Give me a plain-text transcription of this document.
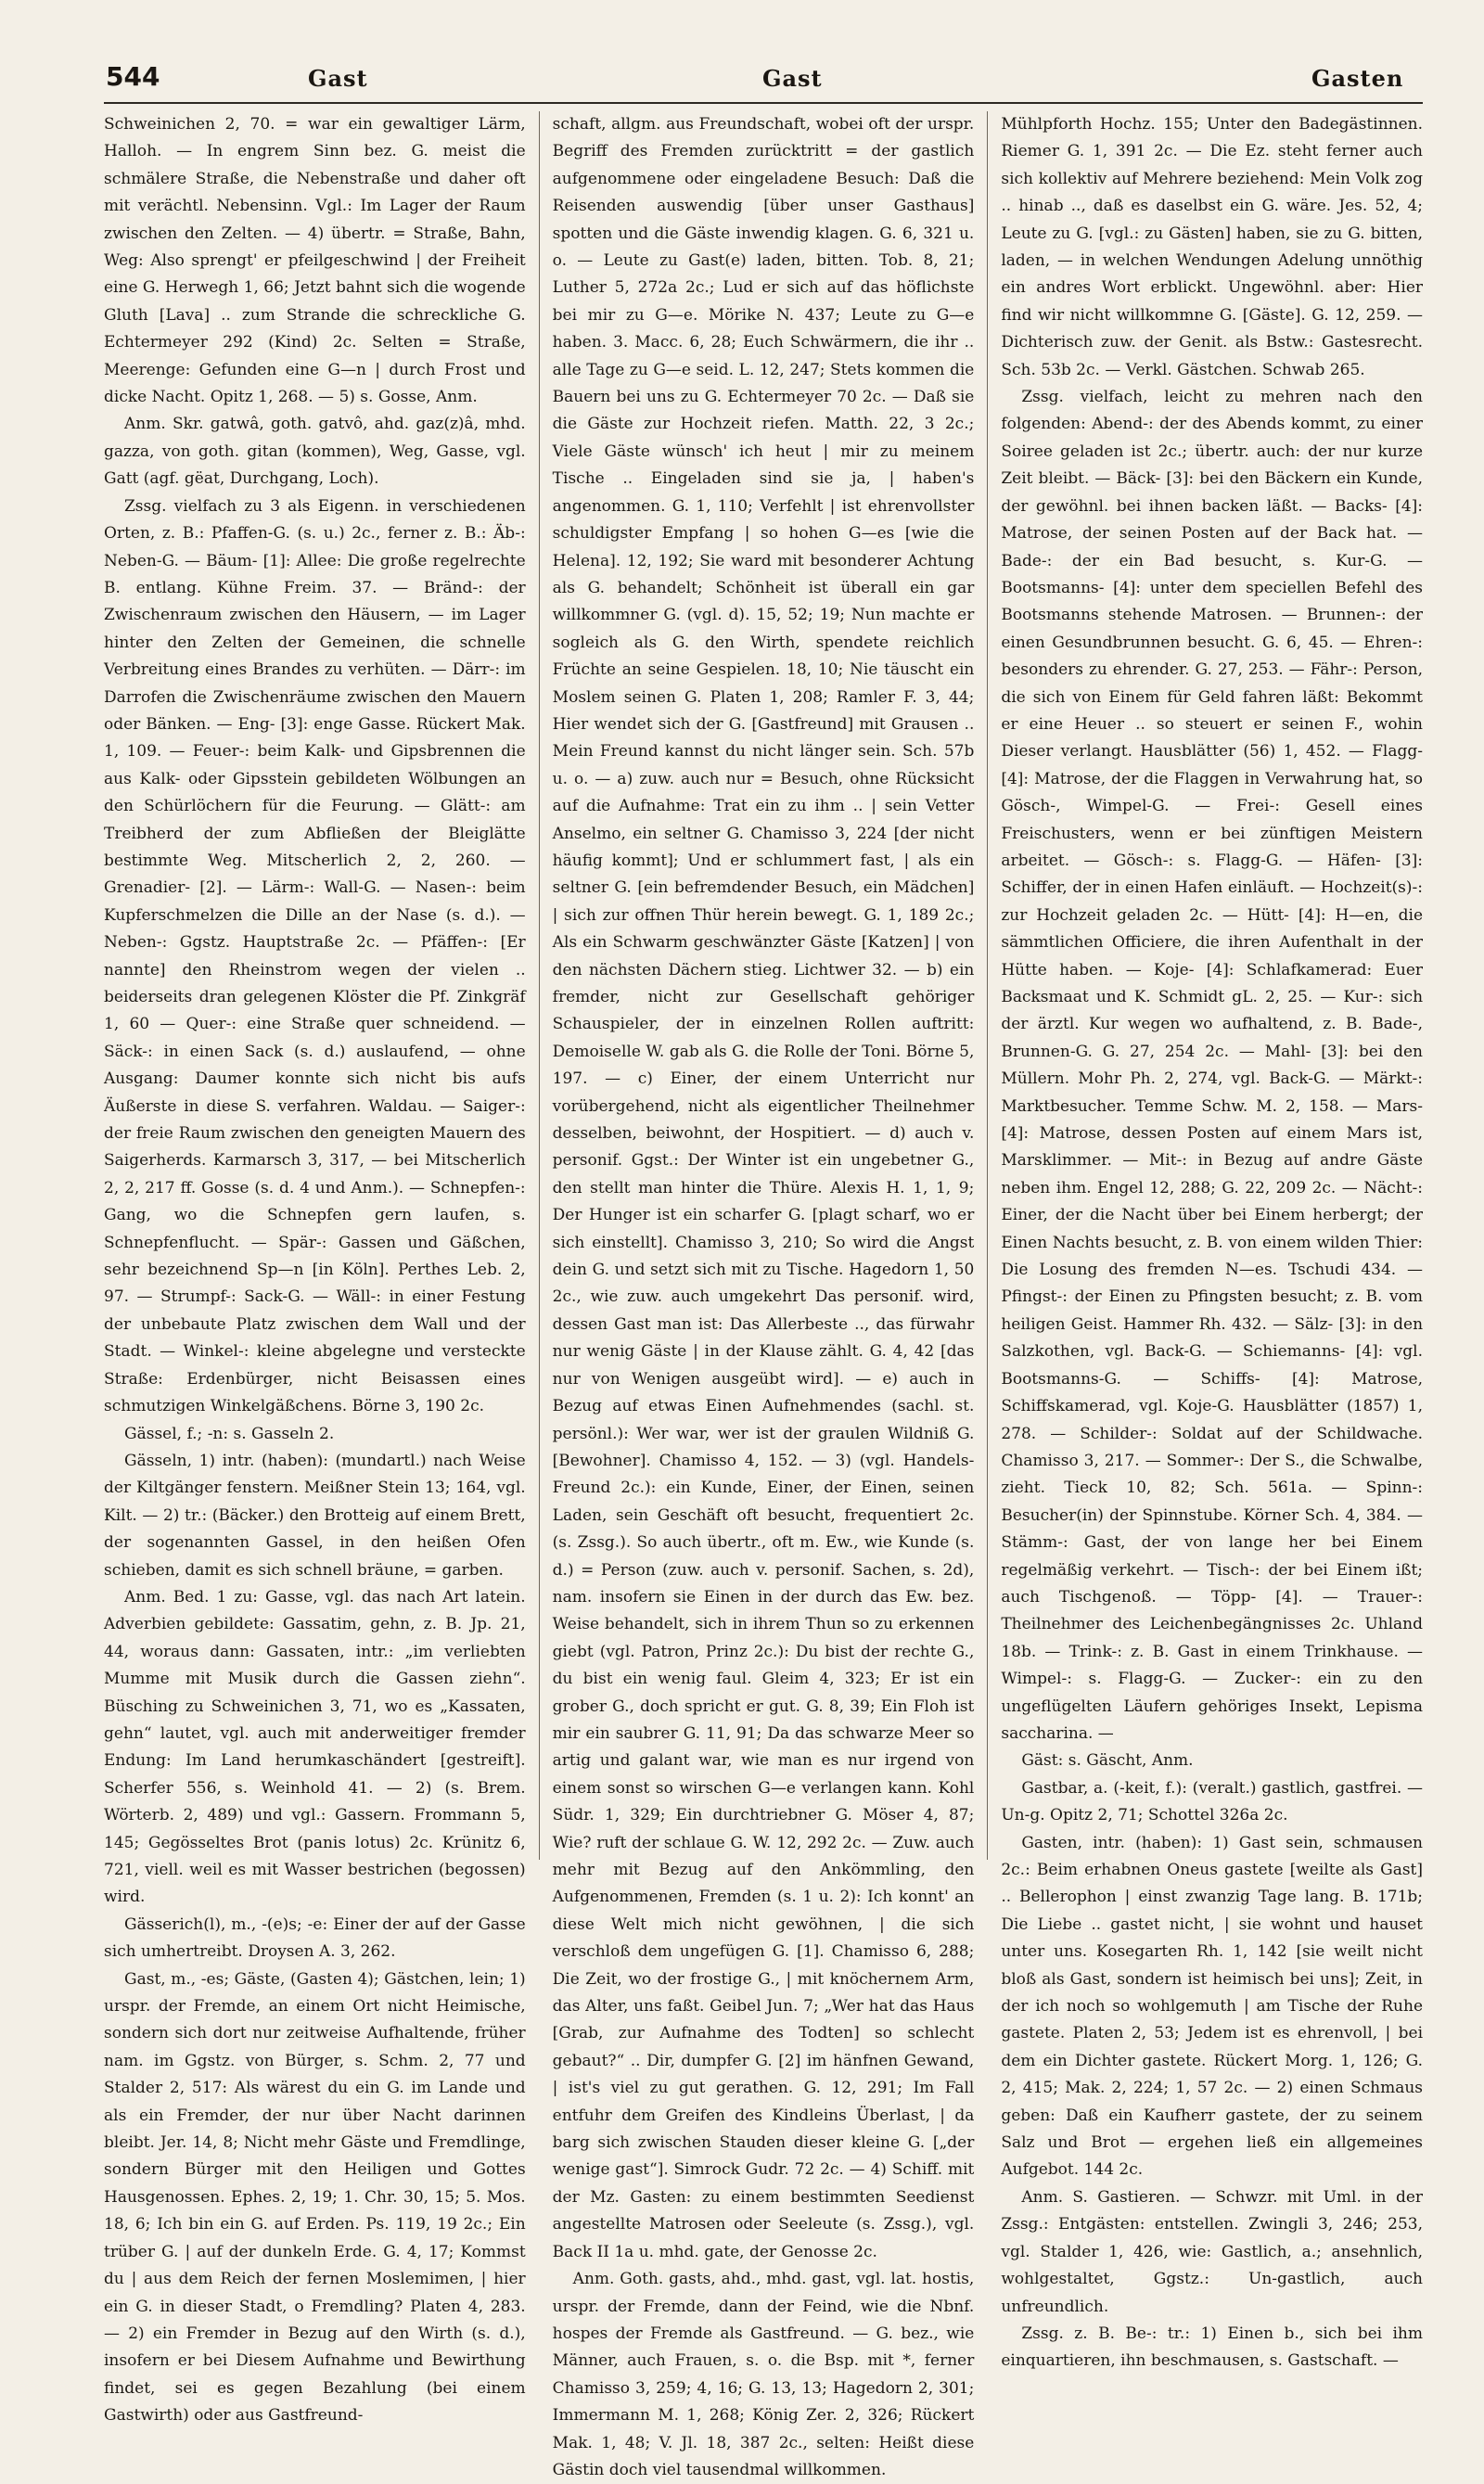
544	Gast	Gast	Gasten

Schweinichen 2, 70. = war ein gewaltiger Lärm, Halloh. — In engrem Sinn bez. G. meist die schmälere Straße, die Nebenstraße und daher oft mit verächtl. Nebensinn. Vgl.: Im Lager der Raum zwischen den Zelten. — 4) übertr. = Straße, Bahn, Weg: Also sprengt' er pfeilgeschwind | der Freiheit eine G. Herwegh 1, 66; Jetzt bahnt sich die wogende Gluth [Lava] .. zum Strande die schreckliche G. Echtermeyer 292 (Kind) 2c. Selten = Straße, Meerenge: Gefunden eine G—n | durch Frost und dicke Nacht. Opitz 1, 268. — 5) s. Gosse, Anm.

Anm. Skr. gatwâ, goth. gatvô, ahd. gaz(z)â, mhd. gazza, von goth. gitan (kommen), Weg, Gasse, vgl. Gatt (agf. gëat, Durchgang, Loch).

Zssg. vielfach zu 3 als Eigenn. in verschiedenen Orten, z. B.: Pfaffen-G. (s. u.) 2c., ferner z. B.: Äb-: Neben-G. — Bäum- [1]: Allee: Die große regelrechte B. entlang. Kühne Freim. 37. — Bränd-: der Zwischenraum zwischen den Häusern, — im Lager hinter den Zelten der Gemeinen, die schnelle Verbreitung eines Brandes zu verhüten. — Därr-: im Darrofen die Zwischenräume zwischen den Mauern oder Bänken. — Eng- [3]: enge Gasse. Rückert Mak. 1, 109. — Feuer-: beim Kalk- und Gipsbrennen die aus Kalk- oder Gipsstein gebildeten Wölbungen an den Schürlöchern für die Feurung. — Glätt-: am Treibherd der zum Abfließen der Bleiglätte bestimmte Weg. Mitscherlich 2, 2, 260. — Grenadier- [2]. — Lärm-: Wall-G. — Nasen-: beim Kupferschmelzen die Dille an der Nase (s. d.). — Neben-: Ggstz. Hauptstraße 2c. — Pfäffen-: [Er nannte] den Rheinstrom wegen der vielen .. beiderseits dran gelegenen Klöster die Pf. Zinkgräf 1, 60 — Quer-: eine Straße quer schneidend. — Säck-: in einen Sack (s. d.) auslaufend, — ohne Ausgang: Daumer konnte sich nicht bis aufs Äußerste in diese S. verfahren. Waldau. — Saiger-: der freie Raum zwischen den geneigten Mauern des Saigerherds. Karmarsch 3, 317, — bei Mitscherlich 2, 2, 217 ff. Gosse (s. d. 4 und Anm.). — Schnepfen-: Gang, wo die Schnepfen gern laufen, s. Schnepfenflucht. — Spär-: Gassen und Gäßchen, sehr bezeichnend Sp—n [in Köln]. Perthes Leb. 2, 97. — Strumpf-: Sack-G. — Wäll-: in einer Festung der unbebaute Platz zwischen dem Wall und der Stadt. — Winkel-: kleine abgelegne und versteckte Straße: Erdenbürger, nicht Beisassen eines schmutzigen Winkelgäßchens. Börne 3, 190 2c.

Gässel, f.; -n: s. Gasseln 2.

Gässeln, 1) intr. (haben): (mundartl.) nach Weise der Kiltgänger fenstern. Meißner Stein 13; 164, vgl. Kilt. — 2) tr.: (Bäcker.) den Brotteig auf einem Brett, der sogenannten Gassel, in den heißen Ofen schieben, damit es sich schnell bräune, = garben.

Anm. Bed. 1 zu: Gasse, vgl. das nach Art latein. Adverbien gebildete: Gassatim, gehn, z. B. Jp. 21, 44, woraus dann: Gassaten, intr.: „im verliebten Mumme mit Musik durch die Gassen ziehn“. Büsching zu Schweinichen 3, 71, wo es „Kassaten, gehn“ lautet, vgl. auch mit anderweitiger fremder Endung: Im Land herumkaschändert [gestreift]. Scherfer 556, s. Weinhold 41. — 2) (s. Brem. Wörterb. 2, 489) und vgl.: Gassern. Frommann 5, 145; Gegösseltes Brot (panis lotus) 2c. Krünitz 6, 721, viell. weil es mit Wasser bestrichen (begossen) wird.

Gässerich(l), m., -(e)s; -e: Einer der auf der Gasse sich umhertreibt. Droysen A. 3, 262.

Gast, m., -es; Gäste, (Gasten 4); Gästchen, lein; 1) urspr. der Fremde, an einem Ort nicht Heimische, sondern sich dort nur zeitweise Aufhaltende, früher nam. im Ggstz. von Bürger, s. Schm. 2, 77 und Stalder 2, 517: Als wärest du ein G. im Lande und als ein Fremder, der nur über Nacht darinnen bleibt. Jer. 14, 8; Nicht mehr Gäste und Fremdlinge, sondern Bürger mit den Heiligen und Gottes Hausgenossen. Ephes. 2, 19; 1. Chr. 30, 15; 5. Mos. 18, 6; Ich bin ein G. auf Erden. Ps. 119, 19 2c.; Ein trüber G. | auf der dunkeln Erde. G. 4, 17; Kommst du | aus dem Reich der fernen Moslemimen, | hier ein G. in dieser Stadt, o Fremdling? Platen 4, 283. — 2) ein Fremder in Bezug auf den Wirth (s. d.), insofern er bei Diesem Aufnahme und Bewirthung findet, sei es gegen Bezahlung (bei einem Gastwirth) oder aus Gastfreund-

schaft, allgm. aus Freundschaft, wobei oft der urspr. Begriff des Fremden zurücktritt = der gastlich aufgenommene oder eingeladene Besuch: Daß die Reisenden auswendig [über unser Gasthaus] spotten und die Gäste inwendig klagen. G. 6, 321 u. o. — Leute zu Gast(e) laden, bitten. Tob. 8, 21; Luther 5, 272a 2c.; Lud er sich auf das höflichste bei mir zu G—e. Mörike N. 437; Leute zu G—e haben. 3. Macc. 6, 28; Euch Schwärmern, die ihr .. alle Tage zu G—e seid. L. 12, 247; Stets kommen die Bauern bei uns zu G. Echtermeyer 70 2c. — Daß sie die Gäste zur Hochzeit riefen. Matth. 22, 3 2c.; Viele Gäste wünsch' ich heut | mir zu meinem Tische .. Eingeladen sind sie ja, | haben's angenommen. G. 1, 110; Verfehlt | ist ehrenvollster schuldigster Empfang | so hohen G—es [wie die Helena]. 12, 192; Sie ward mit besonderer Achtung als G. behandelt; Schönheit ist überall ein gar willkommner G. (vgl. d). 15, 52; 19; Nun machte er sogleich als G. den Wirth, spendete reichlich Früchte an seine Gespielen. 18, 10; Nie täuscht ein Moslem seinen G. Platen 1, 208; Ramler F. 3, 44; Hier wendet sich der G. [Gastfreund] mit Grausen .. Mein Freund kannst du nicht länger sein. Sch. 57b u. o. — a) zuw. auch nur = Besuch, ohne Rücksicht auf die Aufnahme: Trat ein zu ihm .. | sein Vetter Anselmo, ein seltner G. Chamisso 3, 224 [der nicht häufig kommt]; Und er schlummert fast, | als ein seltner G. [ein befremdender Besuch, ein Mädchen] | sich zur offnen Thür herein bewegt. G. 1, 189 2c.; Als ein Schwarm geschwänzter Gäste [Katzen] | von den nächsten Dächern stieg. Lichtwer 32. — b) ein fremder, nicht zur Gesellschaft gehöriger Schauspieler, der in einzelnen Rollen auftritt: Demoiselle W. gab als G. die Rolle der Toni. Börne 5, 197. — c) Einer, der einem Unterricht nur vorübergehend, nicht als eigentlicher Theilnehmer desselben, beiwohnt, der Hospitiert. — d) auch v. personif. Ggst.: Der Winter ist ein ungebetner G., den stellt man hinter die Thüre. Alexis H. 1, 1, 9; Der Hunger ist ein scharfer G. [plagt scharf, wo er sich einstellt]. Chamisso 3, 210; So wird die Angst dein G. und setzt sich mit zu Tische. Hagedorn 1, 50 2c., wie zuw. auch umgekehrt Das personif. wird, dessen Gast man ist: Das Allerbeste .., das fürwahr nur wenig Gäste | in der Klause zählt. G. 4, 42 [das nur von Wenigen ausgeübt wird]. — e) auch in Bezug auf etwas Einen Aufnehmendes (sachl. st. persönl.): Wer war, wer ist der graulen Wildniß G. [Bewohner]. Chamisso 4, 152. — 3) (vgl. Handels-Freund 2c.): ein Kunde, Einer, der Einen, seinen Laden, sein Geschäft oft besucht, frequentiert 2c. (s. Zssg.). So auch übertr., oft m. Ew., wie Kunde (s. d.) = Person (zuw. auch v. personif. Sachen, s. 2d), nam. insofern sie Einen in der durch das Ew. bez. Weise behandelt, sich in ihrem Thun so zu erkennen giebt (vgl. Patron, Prinz 2c.): Du bist der rechte G., du bist ein wenig faul. Gleim 4, 323; Er ist ein grober G., doch spricht er gut. G. 8, 39; Ein Floh ist mir ein saubrer G. 11, 91; Da das schwarze Meer so artig und galant war, wie man es nur irgend von einem sonst so wirschen G—e verlangen kann. Kohl Südr. 1, 329; Ein durchtriebner G. Möser 4, 87; Wie? ruft der schlaue G. W. 12, 292 2c. — Zuw. auch mehr mit Bezug auf den Ankömmling, den Aufgenommenen, Fremden (s. 1 u. 2): Ich konnt' an diese Welt mich nicht gewöhnen, | die sich verschloß dem ungefügen G. [1]. Chamisso 6, 288; Die Zeit, wo der frostige G., | mit knöchernem Arm, das Alter, uns faßt. Geibel Jun. 7; „Wer hat das Haus [Grab, zur Aufnahme des Todten] so schlecht gebaut?“ .. Dir, dumpfer G. [2] im hänfnen Gewand, | ist's viel zu gut gerathen. G. 12, 291; Im Fall entfuhr dem Greifen des Kindleins Überlast, | da barg sich zwischen Stauden dieser kleine G. [„der wenige gast“]. Simrock Gudr. 72 2c. — 4) Schiff. mit der Mz. Gasten: zu einem bestimmten Seedienst angestellte Matrosen oder Seeleute (s. Zssg.), vgl. Back II 1a u. mhd. gate, der Genosse 2c.

Anm. Goth. gasts, ahd., mhd. gast, vgl. lat. hostis, urspr. der Fremde, dann der Feind, wie die Nbnf. hospes der Fremde als Gastfreund. — G. bez., wie Männer, auch Frauen, s. o. die Bsp. mit *, ferner Chamisso 3, 259; 4, 16; G. 13, 13; Hagedorn 2, 301; Immermann M. 1, 268; König Zer. 2, 326; Rückert Mak. 1, 48; V. Jl. 18, 387 2c., selten: Heißt diese Gästin doch viel tausendmal willkommen.

Mühlpforth Hochz. 155; Unter den Badegästinnen. Riemer G. 1, 391 2c. — Die Ez. steht ferner auch sich kollektiv auf Mehrere beziehend: Mein Volk zog .. hinab .., daß es daselbst ein G. wäre. Jes. 52, 4; Leute zu G. [vgl.: zu Gästen] haben, sie zu G. bitten, laden, — in welchen Wendungen Adelung unnöthig ein andres Wort erblickt. Ungewöhnl. aber: Hier find wir nicht willkommne G. [Gäste]. G. 12, 259. — Dichterisch zuw. der Genit. als Bstw.: Gastesrecht. Sch. 53b 2c. — Verkl. Gästchen. Schwab 265.

Zssg. vielfach, leicht zu mehren nach den folgenden: Abend-: der des Abends kommt, zu einer Soiree geladen ist 2c.; übertr. auch: der nur kurze Zeit bleibt. — Bäck- [3]: bei den Bäckern ein Kunde, der gewöhnl. bei ihnen backen läßt. — Backs- [4]: Matrose, der seinen Posten auf der Back hat. — Bade-: der ein Bad besucht, s. Kur-G. — Bootsmanns- [4]: unter dem speciellen Befehl des Bootsmanns stehende Matrosen. — Brunnen-: der einen Gesundbrunnen besucht. G. 6, 45. — Ehren-: besonders zu ehrender. G. 27, 253. — Fähr-: Person, die sich von Einem für Geld fahren läßt: Bekommt er eine Heuer .. so steuert er seinen F., wohin Dieser verlangt. Hausblätter (56) 1, 452. — Flagg- [4]: Matrose, der die Flaggen in Verwahrung hat, so Gösch-, Wimpel-G. — Frei-: Gesell eines Freischusters, wenn er bei zünftigen Meistern arbeitet. — Gösch-: s. Flagg-G. — Häfen- [3]: Schiffer, der in einen Hafen einläuft. — Hochzeit(s)-: zur Hochzeit geladen 2c. — Hütt- [4]: H—en, die sämmtlichen Officiere, die ihren Aufenthalt in der Hütte haben. — Koje- [4]: Schlafkamerad: Euer Backsmaat und K. Schmidt gL. 2, 25. — Kur-: sich der ärztl. Kur wegen wo aufhaltend, z. B. Bade-, Brunnen-G. G. 27, 254 2c. — Mahl- [3]: bei den Müllern. Mohr Ph. 2, 274, vgl. Back-G. — Märkt-: Marktbesucher. Temme Schw. M. 2, 158. — Mars- [4]: Matrose, dessen Posten auf einem Mars ist, Marsklimmer. — Mit-: in Bezug auf andre Gäste neben ihm. Engel 12, 288; G. 22, 209 2c. — Nächt-: Einer, der die Nacht über bei Einem herbergt; der Einen Nachts besucht, z. B. von einem wilden Thier: Die Losung des fremden N—es. Tschudi 434. — Pfingst-: der Einen zu Pfingsten besucht; z. B. vom heiligen Geist. Hammer Rh. 432. — Sälz- [3]: in den Salzkothen, vgl. Back-G. — Schiemanns- [4]: vgl. Bootsmanns-G. — Schiffs- [4]: Matrose, Schiffskamerad, vgl. Koje-G. Hausblätter (1857) 1, 278. — Schilder-: Soldat auf der Schildwache. Chamisso 3, 217. — Sommer-: Der S., die Schwalbe, zieht. Tieck 10, 82; Sch. 561a. — Spinn-: Besucher(in) der Spinnstube. Körner Sch. 4, 384. — Stämm-: Gast, der von lange her bei Einem regelmäßig verkehrt. — Tisch-: der bei Einem ißt; auch Tischgenoß. — Töpp- [4]. — Trauer-: Theilnehmer des Leichenbegängnisses 2c. Uhland 18b. — Trink-: z. B. Gast in einem Trinkhause. — Wimpel-: s. Flagg-G. — Zucker-: ein zu den ungeflügelten Läufern gehöriges Insekt, Lepisma saccharina. —

Gäst: s. Gäscht, Anm.

Gastbar, a. (-keit, f.): (veralt.) gastlich, gastfrei. — Un-g. Opitz 2, 71; Schottel 326a 2c.

Gasten, intr. (haben): 1) Gast sein, schmausen 2c.: Beim erhabnen Oneus gastete [weilte als Gast] .. Bellerophon | einst zwanzig Tage lang. B. 171b; Die Liebe .. gastet nicht, | sie wohnt und hauset unter uns. Kosegarten Rh. 1, 142 [sie weilt nicht bloß als Gast, sondern ist heimisch bei uns]; Zeit, in der ich noch so wohlgemuth | am Tische der Ruhe gastete. Platen 2, 53; Jedem ist es ehrenvoll, | bei dem ein Dichter gastete. Rückert Morg. 1, 126; G. 2, 415; Mak. 2, 224; 1, 57 2c. — 2) einen Schmaus geben: Daß ein Kaufherr gastete, der zu seinem Salz und Brot — ergehen ließ ein allgemeines Aufgebot. 144 2c.

Anm. S. Gastieren. — Schwzr. mit Uml. in der Zssg.: Entgästen: entstellen. Zwingli 3, 246; 253, vgl. Stalder 1, 426, wie: Gastlich, a.; ansehnlich, wohlgestaltet, Ggstz.: Un-gastlich, auch unfreundlich.

Zssg. z. B. Be-: tr.: 1) Einen b., sich bei ihm einquartieren, ihn beschmausen, s. Gastschaft. —
